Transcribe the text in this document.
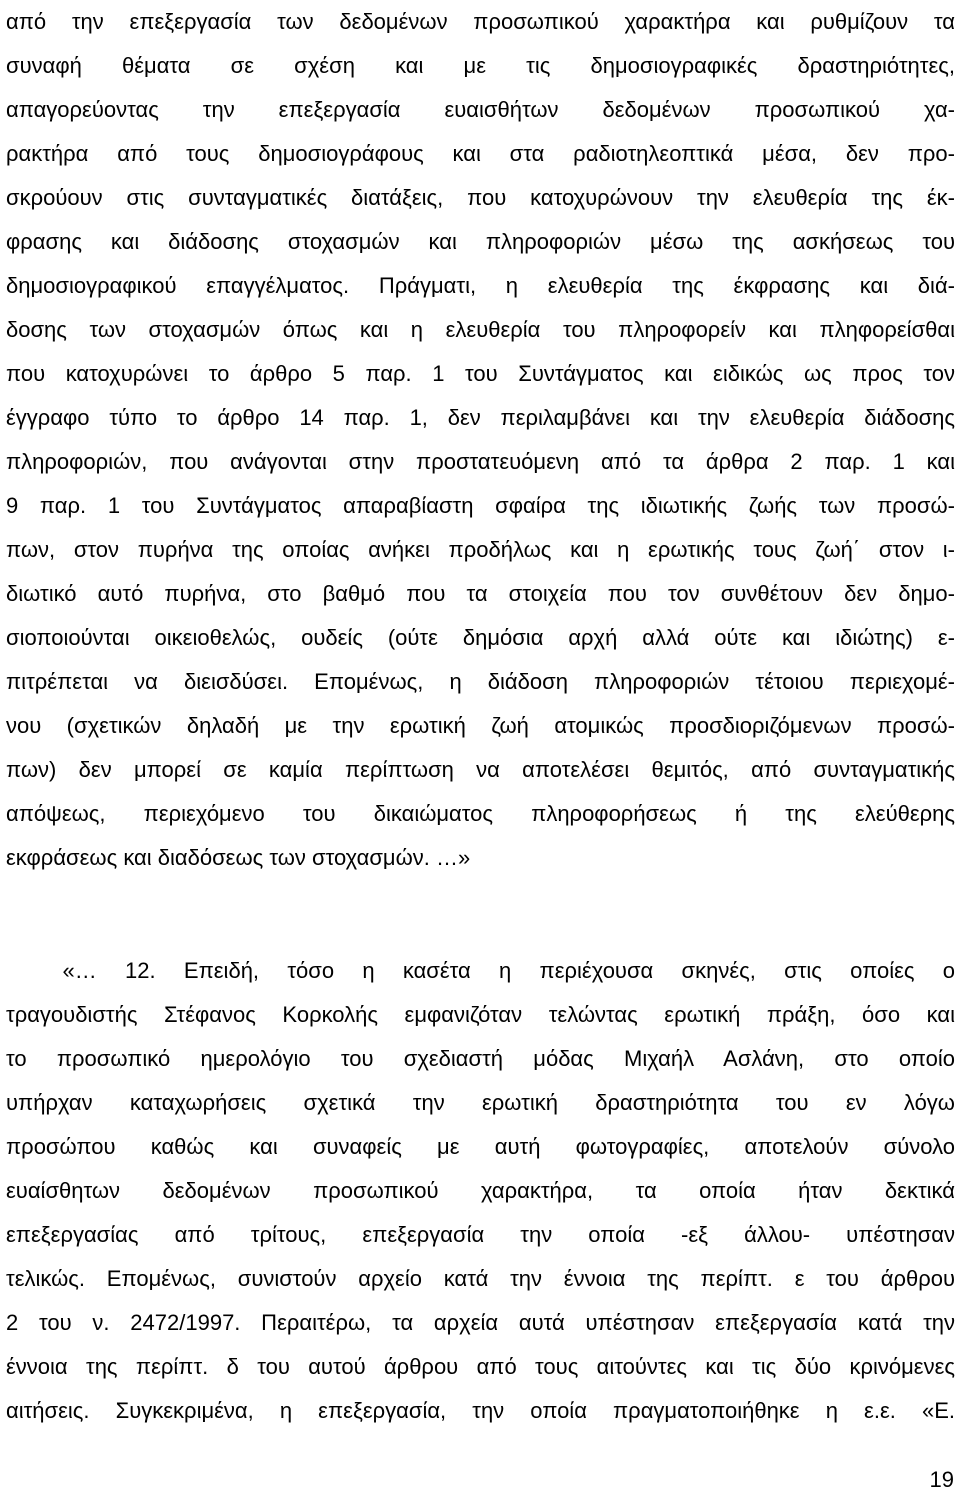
από την επεξεργασία των δεδομένων προσωπικού χαρακτήρα και ρυθμίζουν τα
συναφή θέματα σε σχέση και με τις δημοσιογραφικές δραστηριότητες,
απαγορεύοντας την επεξεργασία ευαισθήτων δεδομένων προσωπικού χα-
ρακτήρα από τους δημοσιογράφους και στα ραδιοτηλεοπτικά μέσα, δεν προ-
σκρούουν στις συνταγματικές διατάξεις, που κατοχυρώνουν την ελευθερία της έκ-
φρασης και διάδοσης στοχασμών και πληροφοριών μέσω της ασκήσεως του
δημοσιογραφικού επαγγέλματος. Πράγματι, η ελευθερία της έκφρασης και διά-
δοσης των στοχασμών όπως και η ελευθερία του πληροφορείν και πληφορείσθαι
που κατοχυρώνει το άρθρο 5 παρ. 1 του Συντάγματος και ειδικώς ως προς τον
έγγραφο τύπο το άρθρο 14 παρ. 1, δεν περιλαμβάνει και την ελευθερία διάδοσης
πληροφοριών, που ανάγονται στην προστατευόμενη από τα άρθρα 2 παρ. 1 και
9 παρ. 1 του Συντάγματος απαραβίαστη σφαίρα της ιδιωτικής ζωής των προσώ-
πων, στον πυρήνα της οποίας ανήκει προδήλως και η ερωτικής τους ζωή΄ στον ι-
διωτικό αυτό πυρήνα, στο βαθμό που τα στοιχεία που τον συνθέτουν δεν δημο-
σιοποιούνται οικειοθελώς, ουδείς (ούτε δημόσια αρχή αλλά ούτε και ιδιώτης) ε-
πιτρέπεται να διεισδύσει. Επομένως, η διάδοση πληροφοριών τέτοιου περιεχομέ-
νου (σχετικών δηλαδή με την ερωτική ζωή ατομικώς προσδιοριζόμενων προσώ-
πων) δεν μπορεί σε καμία περίπτωση να αποτελέσει θεμιτός, από συνταγματικής
απόψεως, περιεχόμενο του δικαιώματος πληροφορήσεως ή της ελεύθερης
εκφράσεως και διαδόσεως των στοχασμών. …»
«… 12. Επειδή, τόσο η κασέτα η περιέχουσα σκηνές, στις οποίες ο
τραγουδιστής Στέφανος Κορκολής εμφανιζόταν τελώντας ερωτική πράξη, όσο και
το προσωπικό ημερολόγιο του σχεδιαστή μόδας Μιχαήλ Ασλάνη, στο οποίο
υπήρχαν καταχωρήσεις σχετικά την ερωτική δραστηριότητα του εν λόγω
προσώπου καθώς και συναφείς με αυτή φωτογραφίες, αποτελούν σύνολο
ευαίσθητων δεδομένων προσωπικού χαρακτήρα, τα οποία ήταν δεκτικά
επεξεργασίας από τρίτους, επεξεργασία την οποία -εξ άλλου- υπέστησαν
τελικώς. Επομένως, συνιστούν αρχείο κατά την έννοια της περίπτ. ε του άρθρου
2 του ν. 2472/1997. Περαιτέρω, τα αρχεία αυτά υπέστησαν επεξεργασία κατά την
έννοια της περίπτ. δ του αυτού άρθρου από τους αιτούντες και τις δύο κρινόμενες
αιτήσεις. Συγκεκριμένα, η επεξεργασία, την οποία πραγματοποιήθηκε η ε.ε. «Ε.
19
